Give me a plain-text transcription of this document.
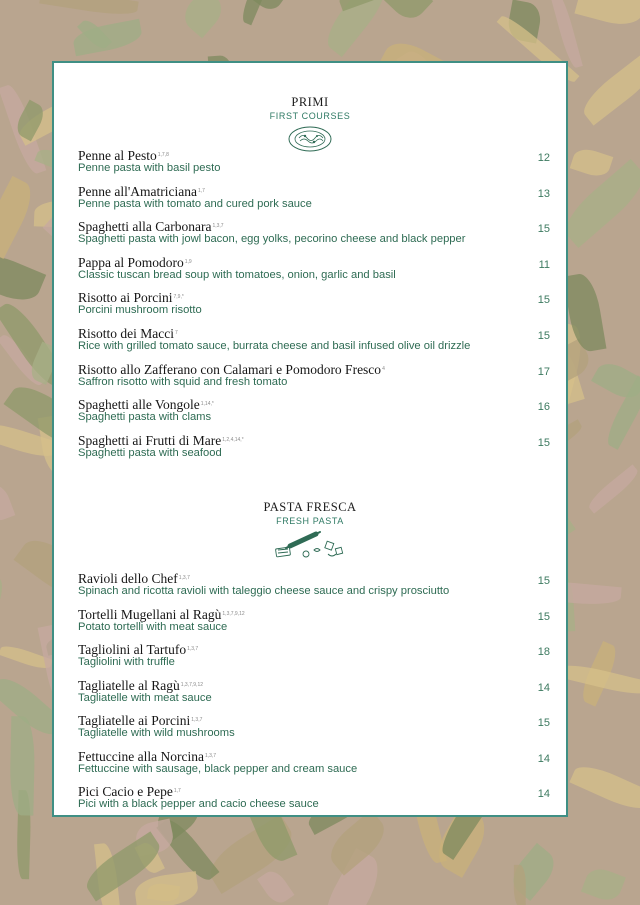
PRIMI
FIRST COURSES
Penne al Pesto$^{1,7,8}$
Penne pasta with basil pesto
12
Penne all'Amatriciana$^{1,7}$
Penne pasta with tomato and cured pork sauce
13
Spaghetti alla Carbonara$^{1,3,7}$
Spaghetti pasta with jowl bacon, egg yolks, pecorino cheese and black pepper
15
Pappa al Pomodoro$^{1,9}$
Classic tuscan bread soup with tomatoes, onion, garlic and basil
11
Risotto ai Porcini$^{7,9,*}$
Porcini mushroom risotto
15
Risotto dei Macci$^7$
Rice with grilled tomato sauce, burrata cheese and basil infused olive oil drizzle
15
Risotto allo Zafferano con Calamari e Pomodoro Fresco$^4$
Saffron risotto with squid and fresh tomato
17
Spaghetti alle Vongole$^{1,14,*}$
Spaghetti pasta with clams
16
Spaghetti ai Frutti di Mare$^{1,2,4,14,*}$
Spaghetti pasta with seafood
15
PASTA FRESCA
FRESH PASTA
Ravioli dello Chef$^{1,3,7}$
Spinach and ricotta ravioli with taleggio cheese sauce and crispy prosciutto
15
Tortelli Mugellani al Ragù$^{1,3,7,9,12}$
Potato tortelli with meat sauce
15
Tagliolini al Tartufo$^{1,3,7}$
Tagliolini with truffle
18
Tagliatelle al Ragù$^{1,3,7,9,12}$
Tagliatelle with meat sauce
14
Tagliatelle ai Porcini$^{1,3,7}$
Tagliatelle with wild mushrooms
15
Fettuccine alla Norcina$^{1,3,7}$
Fettuccine with sausage, black pepper and cream sauce
14
Pici Cacio e Pepe$^{1,7}$
Pici with a black pepper and cacio cheese sauce
14
